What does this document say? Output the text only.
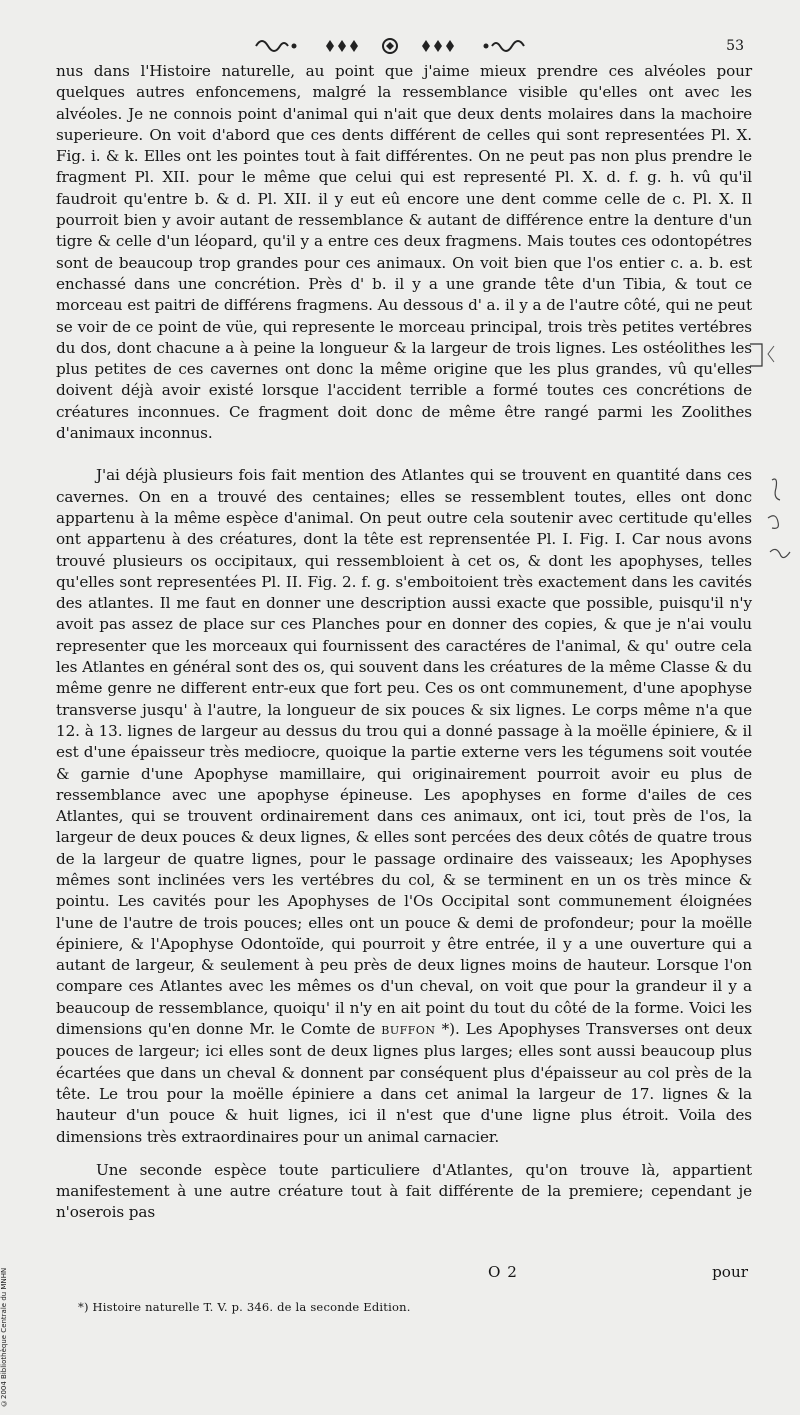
53

nus dans l'Histoire naturelle, au point que j'aime mieux prendre ces alvéoles pour quelques autres enfoncemens, malgré la ressemblance visible qu'elles ont avec les alvéoles. Je ne connois point d'animal qui n'ait que deux dents molaires dans la machoire superieure. On voit d'abord que ces dents différent de celles qui sont representées Pl. X. Fig. i. & k. Elles ont les pointes tout à fait différentes. On ne peut pas non plus prendre le fragment Pl. XII. pour le même que celui qui est representé Pl. X. d. f. g. h. vû qu'il faudroit qu'entre b. & d. Pl. XII. il y eut eû encore une dent comme celle de c. Pl. X. Il pourroit bien y avoir autant de ressemblance & autant de différence entre la denture d'un tigre & celle d'un léopard, qu'il y a entre ces deux fragmens. Mais toutes ces odontopétres sont de beaucoup trop grandes pour ces animaux. On voit bien que l'os entier c. a. b. est enchassé dans une concrétion. Près d' b. il y a une grande tête d'un Tibia, & tout ce morceau est paitri de différens fragmens. Au dessous d' a. il y a de l'autre côté, qui ne peut se voir de ce point de vüe, qui represente le morceau principal, trois très petites vertébres du dos, dont chacune a à peine la longueur & la largeur de trois lignes. Les ostéolithes les plus petites de ces cavernes ont donc la même origine que les plus grandes, vû qu'elles doivent déjà avoir existé lorsque l'accident terrible a formé toutes ces concrétions de créatures inconnues. Ce fragment doit donc de même être rangé parmi les Zoolithes d'animaux inconnus.

J'ai déjà plusieurs fois fait mention des Atlantes qui se trouvent en quantité dans ces cavernes. On en a trouvé des centaines; elles se ressemblent toutes, elles ont donc appartenu à la même espèce d'animal. On peut outre cela soutenir avec certitude qu'elles ont appartenu à des créatures, dont la tête est reprensentée Pl. I. Fig. I. Car nous avons trouvé plusieurs os occipitaux, qui ressembloient à cet os, & dont les apophyses, telles qu'elles sont representées Pl. II. Fig. 2. f. g. s'emboitoient très exactement dans les cavités des atlantes. Il me faut en donner une description aussi exacte que possible, puisqu'il n'y avoit pas assez de place sur ces Planches pour en donner des copies, & que je n'ai voulu representer que les morceaux qui fournissent des caractéres de l'animal, & qu' outre cela les Atlantes en général sont des os, qui souvent dans les créatures de la même Classe & du même genre ne different entr-eux que fort peu. Ces os ont communement, d'une apophyse transverse jusqu' à l'autre, la longueur de six pouces & six lignes. Le corps même n'a que 12. à 13. lignes de largeur au dessus du trou qui a donné passage à la moëlle épiniere, & il est d'une épaisseur très mediocre, quoique la partie externe vers les tégumens soit voutée & garnie d'une Apophyse mamillaire, qui originairement pourroit avoir eu plus de ressemblance avec une apophyse épineuse. Les apophyses en forme d'ailes de ces Atlantes, qui se trouvent ordinairement dans ces animaux, ont ici, tout près de l'os, la largeur de deux pouces & deux lignes, & elles sont percées des deux côtés de quatre trous de la largeur de quatre lignes, pour le passage ordinaire des vaisseaux; les Apophyses mêmes sont inclinées vers les vertébres du col, & se terminent en un os très mince & pointu. Les cavités pour les Apophyses de l'Os Occipital sont communement éloignées l'une de l'autre de trois pouces; elles ont un pouce & demi de profondeur; pour la moëlle épiniere, & l'Apophyse Odontoïde, qui pourroit y être entrée, il y a une ouverture qui a autant de largeur, & seulement à peu près de deux lignes moins de hauteur. Lorsque l'on compare ces Atlantes avec les mêmes os d'un cheval, on voit que pour la grandeur il y a beaucoup de ressemblance, quoiqu' il n'y en ait point du tout du côté de la forme. Voici les dimensions qu'en donne Mr. le Comte de BUFFON *). Les Apophyses Transverses ont deux pouces de largeur; ici elles sont de deux lignes plus larges; elles sont aussi beaucoup plus écartées que dans un cheval & donnent par conséquent plus d'épaisseur au col près de la tête. Le trou pour la moëlle épiniere a dans cet animal la largeur de 17. lignes & la hauteur d'un pouce & huit lignes, ici il n'est que d'une ligne plus étroit. Voila des dimensions très extraordinaires pour un animal carnacier.

Une seconde espèce toute particuliere d'Atlantes, qu'on trouve là, appartient manifestement à une autre créature tout à fait différente de la premiere; cependant je n'oserois pas

O 2	pour
*) Histoire naturelle T. V. p. 346. de la seconde Edition.
©2004 Bibliothèque Centrale du MNHN
